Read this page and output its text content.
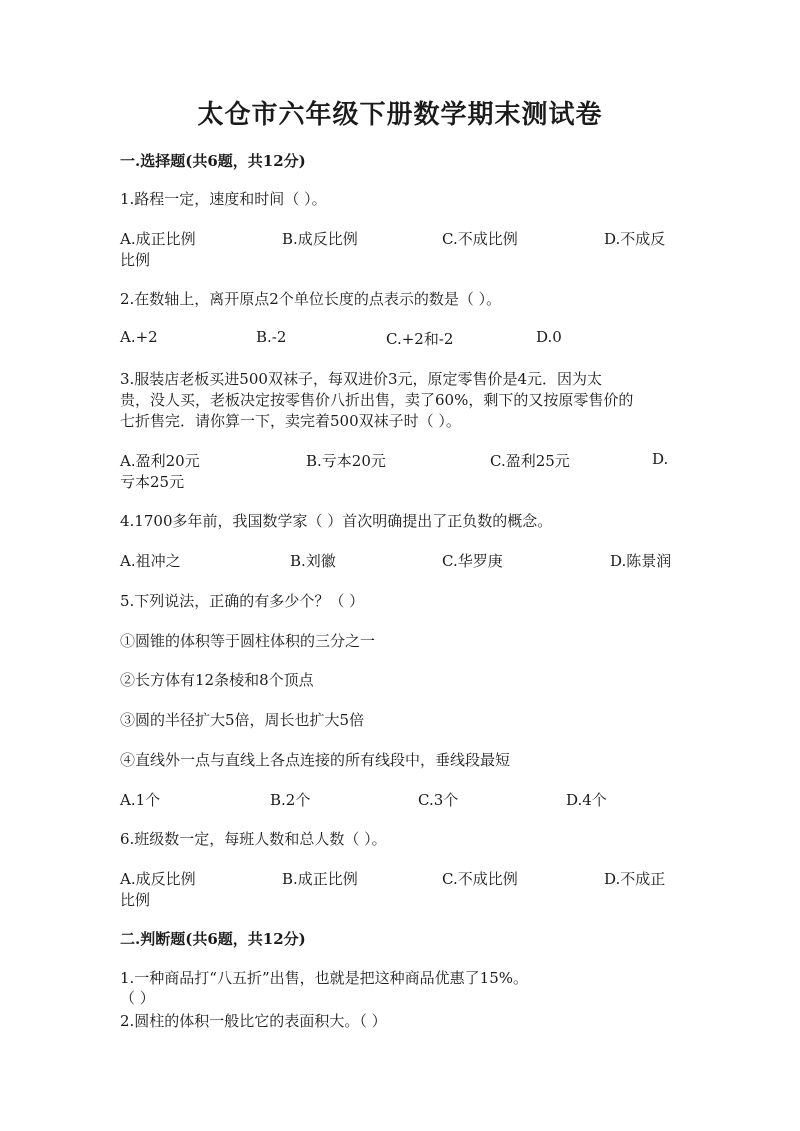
太仓市六年级下册数学期末测试卷
一.选择题(共6题，共12分)
1.路程一定，速度和时间（ ）。
A.成正比例	B.成反比例	C.不成比例	D.不成反
比例
2.在数轴上，离开原点2个单位长度的点表示的数是（ ）。
A.+2	B.-2	C.+2和-2	D.0
3.服装店老板买进500双袜子，每双进价3元，原定零售价是4元．因为太
贵，没人买，老板决定按零售价八折出售，卖了60%，剩下的又按原零售价的
七折售完．请你算一下，卖完着500双袜子时（ ）。
A.盈利20元	B.亏本20元	C.盈利25元	D.
亏本25元
4.1700多年前，我国数学家（ ）首次明确提出了正负数的概念。
A.祖冲之	B.刘徽	C.华罗庚	D.陈景润
5.下列说法，正确的有多少个？（ ）
①圆锥的体积等于圆柱体积的三分之一
②长方体有12条棱和8个顶点
③圆的半径扩大5倍，周长也扩大5倍
④直线外一点与直线上各点连接的所有线段中，垂线段最短
A.1个	B.2个	C.3个	D.4个
6.班级数一定，每班人数和总人数（ ）。
A.成反比例	B.成正比例	C.不成比例	D.不成正
比例
二.判断题(共6题，共12分)
1.一种商品打“八五折”出售，也就是把这种商品优惠了15%。
（ ）
2.圆柱的体积一般比它的表面积大。（ ）
